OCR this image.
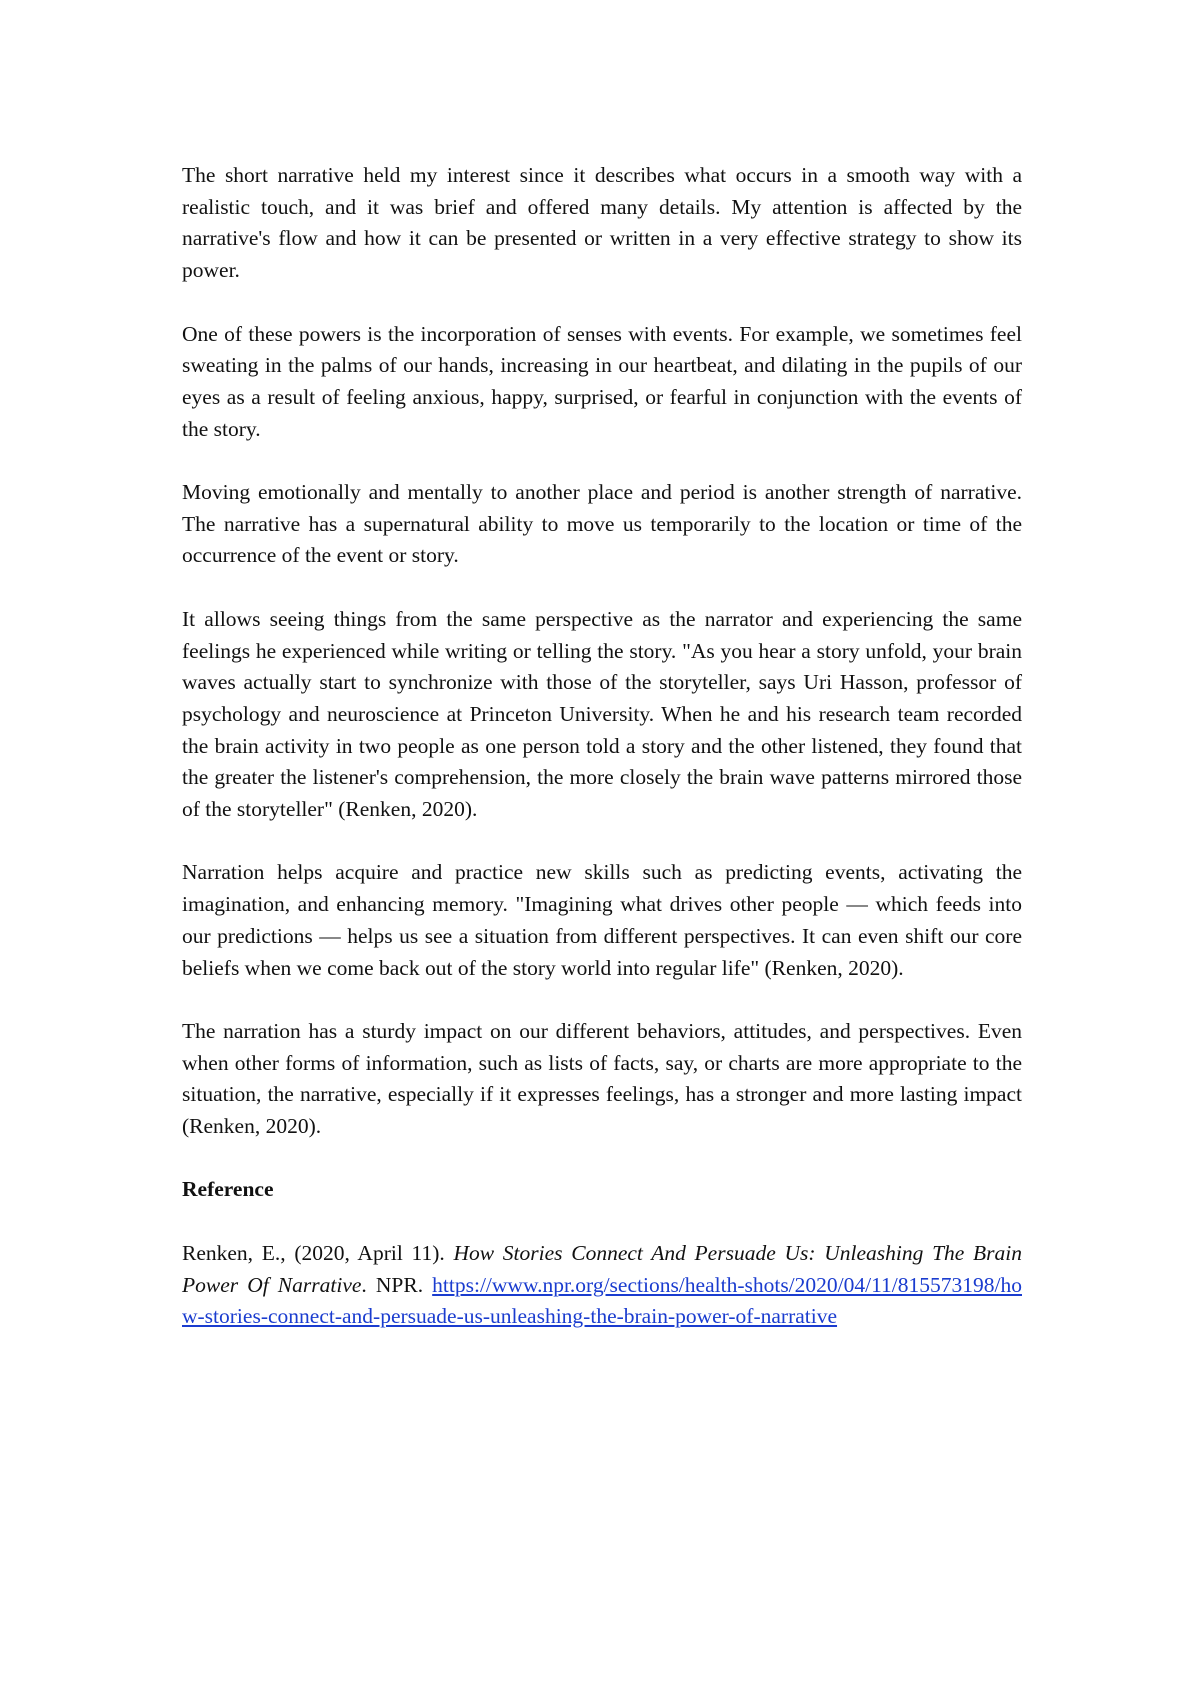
The short narrative held my interest since it describes what occurs in a smooth way with a realistic touch, and it was brief and offered many details. My attention is affected by the narrative's flow and how it can be presented or written in a very effective strategy to show its power.

One of these powers is the incorporation of senses with events. For example, we sometimes feel sweating in the palms of our hands, increasing in our heartbeat, and dilating in the pupils of our eyes as a result of feeling anxious, happy, surprised, or fearful in conjunction with the events of the story.

Moving emotionally and mentally to another place and period is another strength of narrative. The narrative has a supernatural ability to move us temporarily to the location or time of the occurrence of the event or story.

It allows seeing things from the same perspective as the narrator and experiencing the same feelings he experienced while writing or telling the story. "As you hear a story unfold, your brain waves actually start to synchronize with those of the storyteller, says Uri Hasson, professor of psychology and neuroscience at Princeton University. When he and his research team recorded the brain activity in two people as one person told a story and the other listened, they found that the greater the listener's comprehension, the more closely the brain wave patterns mirrored those of the storyteller" (Renken, 2020).

Narration helps acquire and practice new skills such as predicting events, activating the imagination, and enhancing memory. "Imagining what drives other people — which feeds into our predictions — helps us see a situation from different perspectives. It can even shift our core beliefs when we come back out of the story world into regular life" (Renken, 2020).

The narration has a sturdy impact on our different behaviors, attitudes, and perspectives. Even when other forms of information, such as lists of facts, say, or charts are more appropriate to the situation, the narrative, especially if it expresses feelings, has a stronger and more lasting impact (Renken, 2020).

Reference

Renken, E., (2020, April 11). How Stories Connect And Persuade Us: Unleashing The Brain Power Of Narrative. NPR. https://www.npr.org/sections/health-shots/2020/04/11/815573198/how-stories-connect-and-persuade-us-unleashing-the-brain-power-of-narrative
